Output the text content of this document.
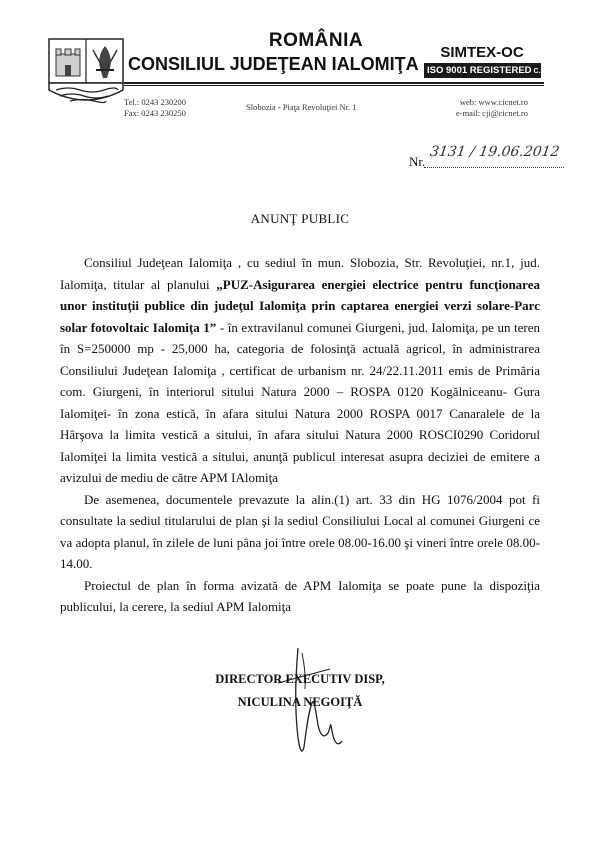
ROMÂNIA
CONSILIUL JUDEŢEAN IALOMIŢA
SIMTEX-OC
ISO 9001 REGISTERED C.3449.1
Tel.: 0243 230200
Fax: 0243 230250
Slobozia - Piaţa Revoluţiei Nr. 1	web: www.cicnet.ro
e-mail: cji@cicnet.ro
Nr.
3131 / 19.06.2012
ANUNŢ PUBLIC

Consiliul Judeţean Ialomiţa , cu sediul în mun. Slobozia, Str. Revoluţiei, nr.1, jud. Ialomiţa, titular al planului „PUZ-Asigurarea energiei electrice pentru funcţionarea unor instituţii publice din judeţul Ialomiţa prin captarea energiei verzi solare-Parc solar fotovoltaic Ialomiţa 1” - în extravilanul comunei Giurgeni, jud. Ialomiţa, pe un teren în S=250000 mp - 25,000 ha, categoria de folosinţă actuală agricol, în administrarea Consiliului Judeţean Ialomiţa , certificat de urbanism nr. 24/22.11.2011 emis de Primăria com. Giurgeni, în interiorul sitului Natura 2000 – ROSPA 0120 Kogălniceanu- Gura Ialomiţei- în zona estică, în afara sitului Natura 2000 ROSPA 0017 Canaralele de la Hârşova la limita vestică a sitului, în afara sitului Natura 2000 ROSCI0290 Coridorul Ialomiţei la limita vestică a sitului, anunţă publicul interesat asupra deciziei de emitere a avizului de mediu de către APM IAlomiţa

De asemenea, documentele prevazute la alin.(1) art. 33 din HG 1076/2004 pot fi consultate la sediul titularului de plan şi la sediul Consiliului Local al comunei Giurgeni ce va adopta planul, în zilele de luni pâna joi între orele 08.00-16.00 şi vineri între orele 08.00-14.00.

Proiectul de plan în forma avizată de APM Ialomiţa se poate pune la dispoziţia publicului, la cerere, la sediul APM Ialomiţa

DIRECTOR EXECUTIV DISP,
NICULINA NEGOIŢĂ
